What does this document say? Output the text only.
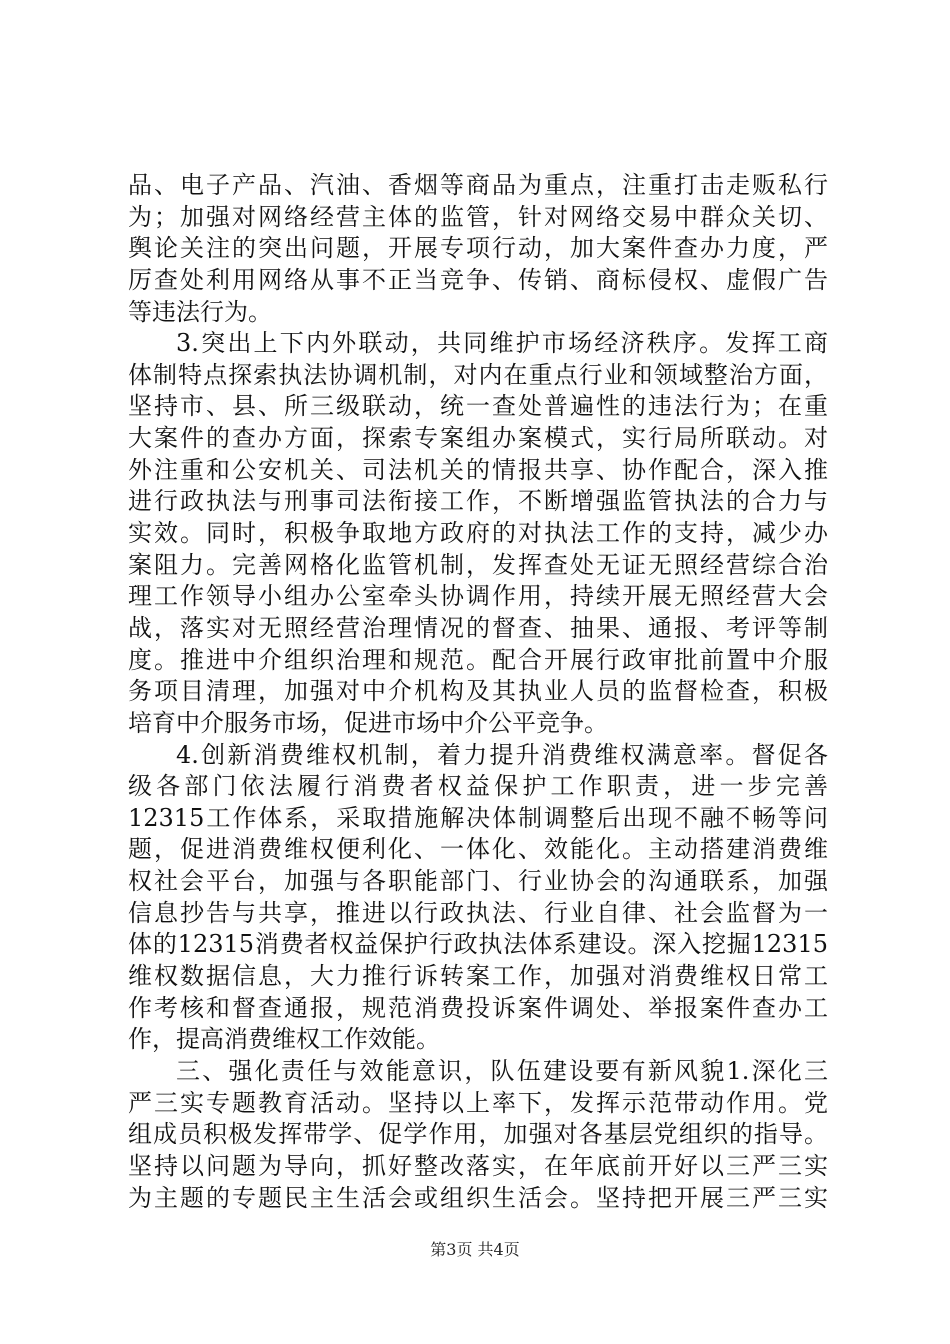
品、电子产品、汽油、香烟等商品为重点，注重打击走贩私行
为；加强对网络经营主体的监管，针对网络交易中群众关切、
舆论关注的突出问题，开展专项行动，加大案件查办力度，严
厉查处利用网络从事不正当竞争、传销、商标侵权、虚假广告
等违法行为。
3.突出上下内外联动，共同维护市场经济秩序。发挥工商
体制特点探索执法协调机制，对内在重点行业和领域整治方面，
坚持市、县、所三级联动，统一查处普遍性的违法行为；在重
大案件的查办方面，探索专案组办案模式，实行局所联动。对
外注重和公安机关、司法机关的情报共享、协作配合，深入推
进行政执法与刑事司法衔接工作，不断增强监管执法的合力与
实效。同时，积极争取地方政府的对执法工作的支持，减少办
案阻力。完善网格化监管机制，发挥查处无证无照经营综合治
理工作领导小组办公室牵头协调作用，持续开展无照经营大会
战，落实对无照经营治理情况的督查、抽果、通报、考评等制
度。推进中介组织治理和规范。配合开展行政审批前置中介服
务项目清理，加强对中介机构及其执业人员的监督检查，积极
培育中介服务市场，促进市场中介公平竞争。
4.创新消费维权机制，着力提升消费维权满意率。督促各
级各部门依法履行消费者权益保护工作职责，进一步完善
12315工作体系，采取措施解决体制调整后出现不融不畅等问
题，促进消费维权便利化、一体化、效能化。主动搭建消费维
权社会平台，加强与各职能部门、行业协会的沟通联系，加强
信息抄告与共享，推进以行政执法、行业自律、社会监督为一
体的12315消费者权益保护行政执法体系建设。深入挖掘12315
维权数据信息，大力推行诉转案工作，加强对消费维权日常工
作考核和督查通报，规范消费投诉案件调处、举报案件查办工
作，提高消费维权工作效能。
三、强化责任与效能意识，队伍建设要有新风貌1.深化三
严三实专题教育活动。坚持以上率下，发挥示范带动作用。党
组成员积极发挥带学、促学作用，加强对各基层党组织的指导。
坚持以问题为导向，抓好整改落实，在年底前开好以三严三实
为主题的专题民主生活会或组织生活会。坚持把开展三严三实
第3页 共4页
